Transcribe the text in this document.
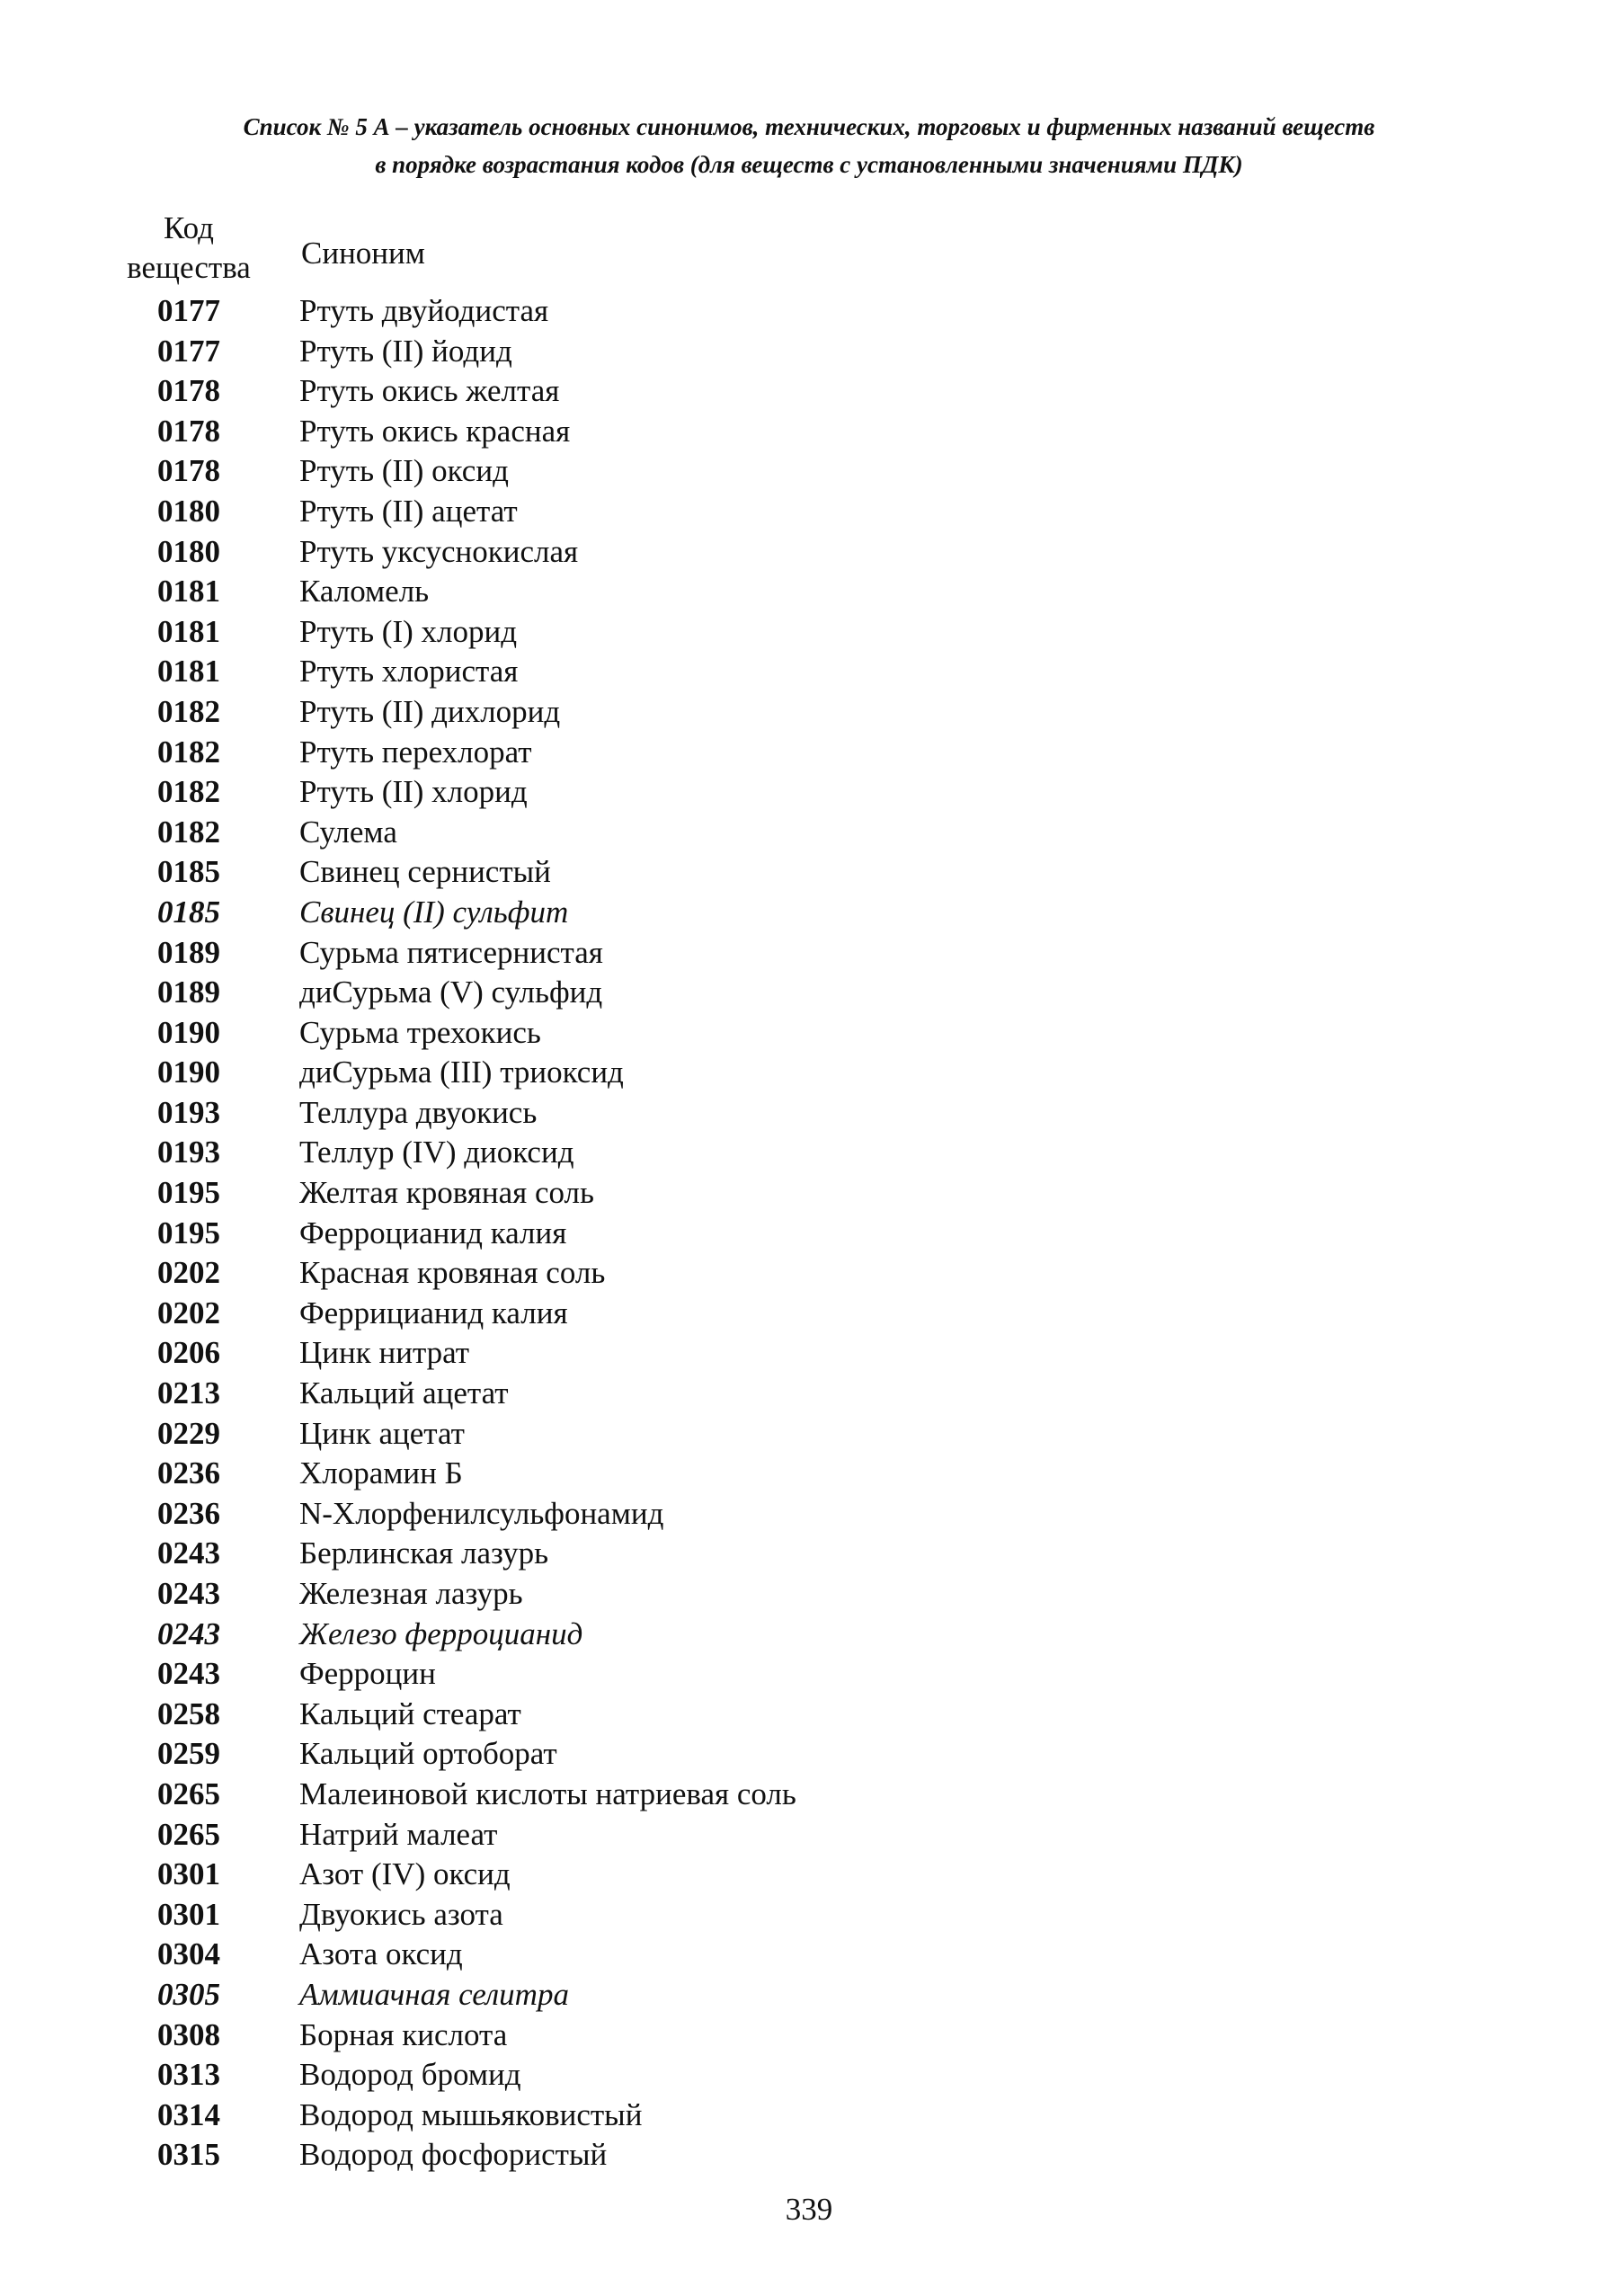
Список № 5 А – указатель основных синонимов, технических, торговых и фирменных названий веществ
в порядке возрастания кодов (для веществ с установленными значениями ПДК)
Код вещества	Синоним
0177	Ртуть двуйодистая
0177	Ртуть (II) йодид
0178	Ртуть окись желтая
0178	Ртуть окись красная
0178	Ртуть (II) оксид
0180	Ртуть (II) ацетат
0180	Ртуть уксуснокислая
0181	Каломель
0181	Ртуть (I) хлорид
0181	Ртуть хлористая
0182	Ртуть (II) дихлорид
0182	Ртуть перехлорат
0182	Ртуть (II) хлорид
0182	Сулема
0185	Свинец сернистый
0185	Свинец (II) сульфит
0189	Сурьма пятисернистая
0189	диСурьма (V) сульфид
0190	Сурьма трехокись
0190	диСурьма (III) триоксид
0193	Теллура двуокись
0193	Теллур (IV) диоксид
0195	Желтая кровяная соль
0195	Ферроцианид калия
0202	Красная кровяная соль
0202	Феррицианид калия
0206	Цинк нитрат
0213	Кальций ацетат
0229	Цинк ацетат
0236	Хлорамин Б
0236	N-Хлорфенилсульфонамид
0243	Берлинская лазурь
0243	Железная лазурь
0243	Железо ферроцианид
0243	Ферроцин
0258	Кальций стеарат
0259	Кальций ортоборат
0265	Малеиновой кислоты натриевая соль
0265	Натрий малеат
0301	Азот (IV) оксид
0301	Двуокись азота
0304	Азота оксид
0305	Аммиачная селитра
0308	Борная кислота
0313	Водород бромид
0314	Водород мышьяковистый
0315	Водород фосфористый
339
